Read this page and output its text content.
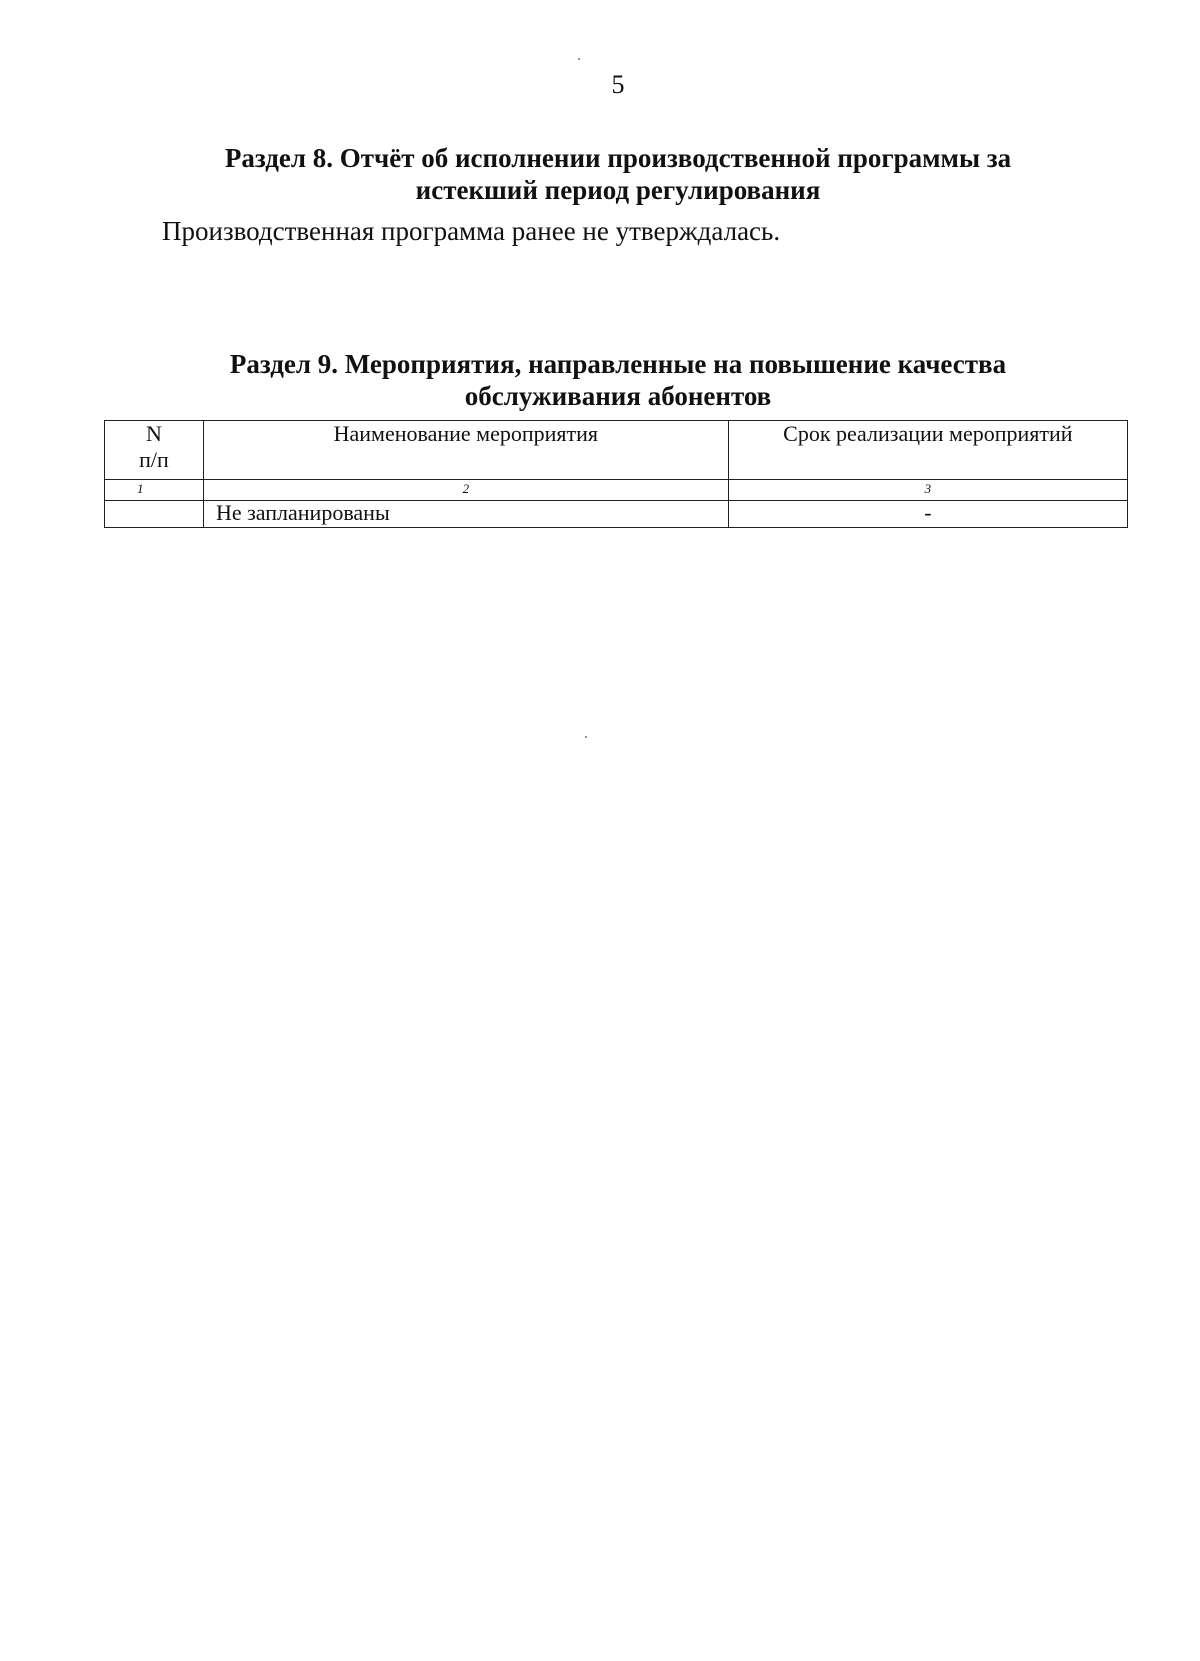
5
Раздел 8. Отчёт об исполнении производственной программы за
истекший период регулирования
Производственная программа ранее не утверждалась.
Раздел 9. Мероприятия, направленные на повышение качества
обслуживания абонентов
N
п/п	Наименование мероприятия	Срок реализации мероприятий
1	2	3
	Не запланированы	-
